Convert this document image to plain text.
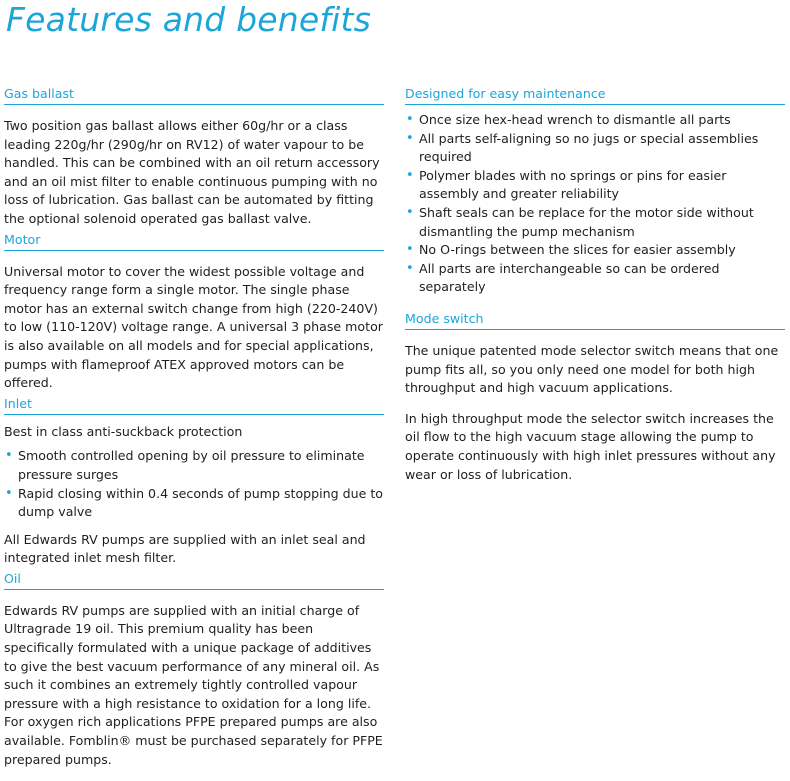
Features and benefits
Gas ballast

Two position gas ballast allows either 60g/hr or a class leading 220g/hr (290g/hr on RV12) of water vapour to be handled. This can be combined with an oil return accessory and an oil mist filter to enable continuous pumping with no loss of lubrication. Gas ballast can be automated by fitting the optional solenoid operated gas ballast valve.

Motor

Universal motor to cover the widest possible voltage and frequency range form a single motor. The single phase motor has an external switch change from high (220-240V) to low (110-120V) voltage range. A universal 3 phase motor is also available on all models and for special applications, pumps with flameproof ATEX approved motors can be offered.

Inlet

Best in class anti-suckback protection

• Smooth controlled opening by oil pressure to eliminate pressure surges
• Rapid closing within 0.4 seconds of pump stopping due to dump valve

All Edwards RV pumps are supplied with an inlet seal and integrated inlet mesh filter.

Oil

Edwards RV pumps are supplied with an initial charge of Ultragrade 19 oil. This premium quality has been specifically formulated with a unique package of additives to give the best vacuum performance of any mineral oil. As such it combines an extremely tightly controlled vapour pressure with a high resistance to oxidation for a long life. For oxygen rich applications PFPE prepared pumps are also available. Fomblin® must be purchased separately for PFPE prepared pumps.

Designed for easy maintenance
• Once size hex-head wrench to dismantle all parts
• All parts self-aligning so no jugs or special assemblies required
• Polymer blades with no springs or pins for easier assembly and greater reliability
• Shaft seals can be replace for the motor side without dismantling the pump mechanism
• No O-rings between the slices for easier assembly
• All parts are interchangeable so can be ordered separately
Mode switch

The unique patented mode selector switch means that one pump fits all, so you only need one model for both high throughput and high vacuum applications.

In high throughput mode the selector switch increases the oil flow to the high vacuum stage allowing the pump to operate continuously with high inlet pressures without any wear or loss of lubrication.
